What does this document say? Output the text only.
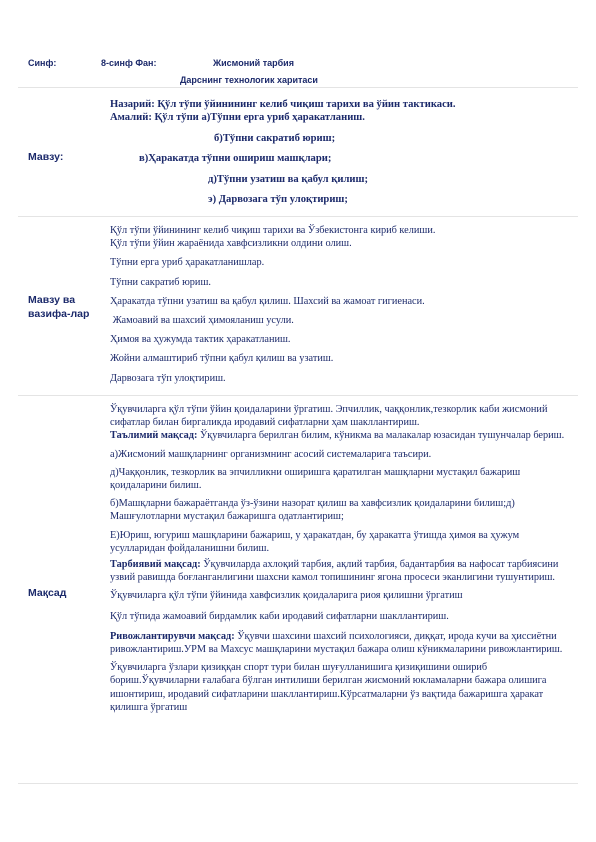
Синф:	8-синф Фан:	Жисмоний тарбия
Дарснинг технологик харитаси
Мавзу:
Назарий: Қўл тўпи ўйинининг келиб чиқиш тарихи ва ўйин тактикаси.
Амалий: Қўл тўпи а)Тўпни ерга уриб ҳаракатланиш.
б)Тўпни сакратиб юриш;
в)Ҳаракатда тўпни ошириш машқлари;
д)Тўпни узатиш ва қабул қилиш;
э) Дарвозага тўп улоқтириш;
Мавзу ва вазифа-лар

Қўл тўпи ўйинининг келиб чиқиш тарихи ва Ўзбекистонга кириб келиши.
Қўл тўпи ўйин жараёнида хавфсизликни олдини олиш.

Тўпни ерга уриб ҳаракатланишлар.

Тўпни сакратиб юриш.

Ҳаракатда тўпни узатиш ва қабул қилиш. Шахсий ва жамоат гигиенаси.

Жамоавий ва шахсий ҳимояланиш усули.

Ҳимоя ва ҳужумда тактик ҳаракатланиш.

Жойни алмаштириб тўпни қабул қилиш ва узатиш.

Дарвозага тўп улоқтириш.

Мақсад

Ўқувчиларга қўл тўпи ўйин қоидаларини ўргатиш. Эпчиллик, чаққонлик,тезкорлик каби жисмоний сифатлар билан биргаликда иродавий сифатларни ҳам шакллантириш.

Таълимий мақсад: Ўқувчиларга берилган билим, кўникма ва малакалар юзасидан тушунчалар бериш.

а)Жисмоний машқларнинг организмнинг асосий системаларига таъсири.

д)Чаққонлик, тезкорлик ва эпчилликни оширишга қаратилган машқларни мустақил бажариш қоидаларини билиш.

б)Машқларни бажараётганда ўз-ўзини назорат қилиш ва хавфсизлик қоидаларини билиш;д) Машғулотларни мустақил бажаришга одатлантириш;

Е)Юриш, югуриш машқларини бажариш, у ҳаракатдан, бу ҳаракатга ўтишда ҳимоя ва ҳужум усулларидан фойдаланишни билиш.

Тарбиявий мақсад: Ўқувчиларда ахлоқий тарбия, ақлий тарбия, бадантарбия ва нафосат тарбиясини узвий равишда боғланганлигини шахсни камол топишининг ягона просеси эканлигини тушунтириш.

Ўқувчиларга қўл тўпи ўйинида хавфсизлик қоидаларига риоя қилишни ўргатиш

Қўл тўпида жамоавий бирдамлик каби иродавий сифатларни шакллантириш.

Ривожлантирувчи мақсад: Ўқувчи шахсини шахсий психологияси, диққат, ирода кучи ва ҳиссиётни ривожлантириш.УРМ ва Махсус машқларини мустақил бажара олиш кўникмаларини ривожлантириш.

Ўқувчиларга ўзлари қизиққан спорт тури билан шуғулланишига қизиқишини ошириб бориш.Ўқувчиларни ғалабага бўлган интилиши берилган жисмоний юкламаларни бажара олишига ишонтириш, иродавий сифатларини шакллантириш.Кўрсатмаларни ўз вақтида бажаришга ҳаракат қилишга ўргатиш
